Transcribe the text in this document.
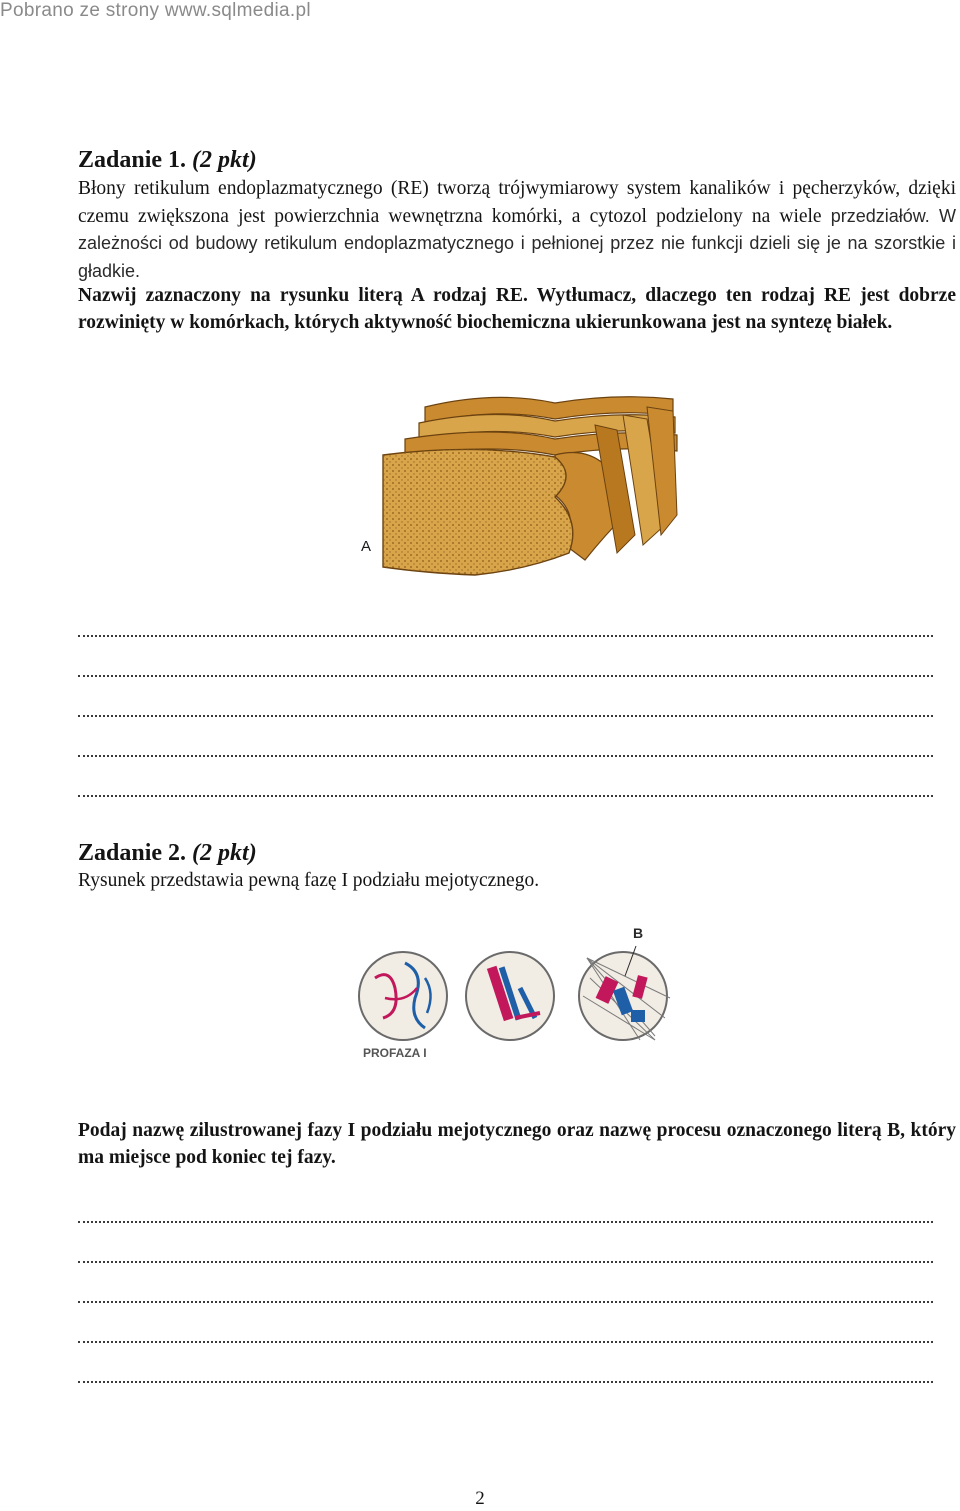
Pobrano ze strony www.sqlmedia.pl
Zadanie 1. (2 pkt)

Błony retikulum endoplazmatycznego (RE) tworzą trójwymiarowy system kanalików i pęcherzyków, dzięki czemu zwiększona jest powierzchnia wewnętrzna komórki, a cytozol podzielony na wiele przedziałów. W zależności od budowy retikulum endoplazmatycznego i pełnionej przez nie funkcji dzieli się je na szorstkie i gładkie.

Nazwij zaznaczony na rysunku literą A rodzaj RE. Wytłumacz, dlaczego ten rodzaj RE jest dobrze rozwinięty w komórkach, których aktywność biochemiczna ukierunkowana jest na syntezę białek.

A
Zadanie 2. (2 pkt)

Rysunek przedstawia pewną fazę I podziału mejotycznego.

B
PROFAZA I

Podaj nazwę zilustrowanej fazy I podziału mejotycznego oraz nazwę procesu oznaczonego literą B, który ma miejsce pod koniec tej fazy.

2
